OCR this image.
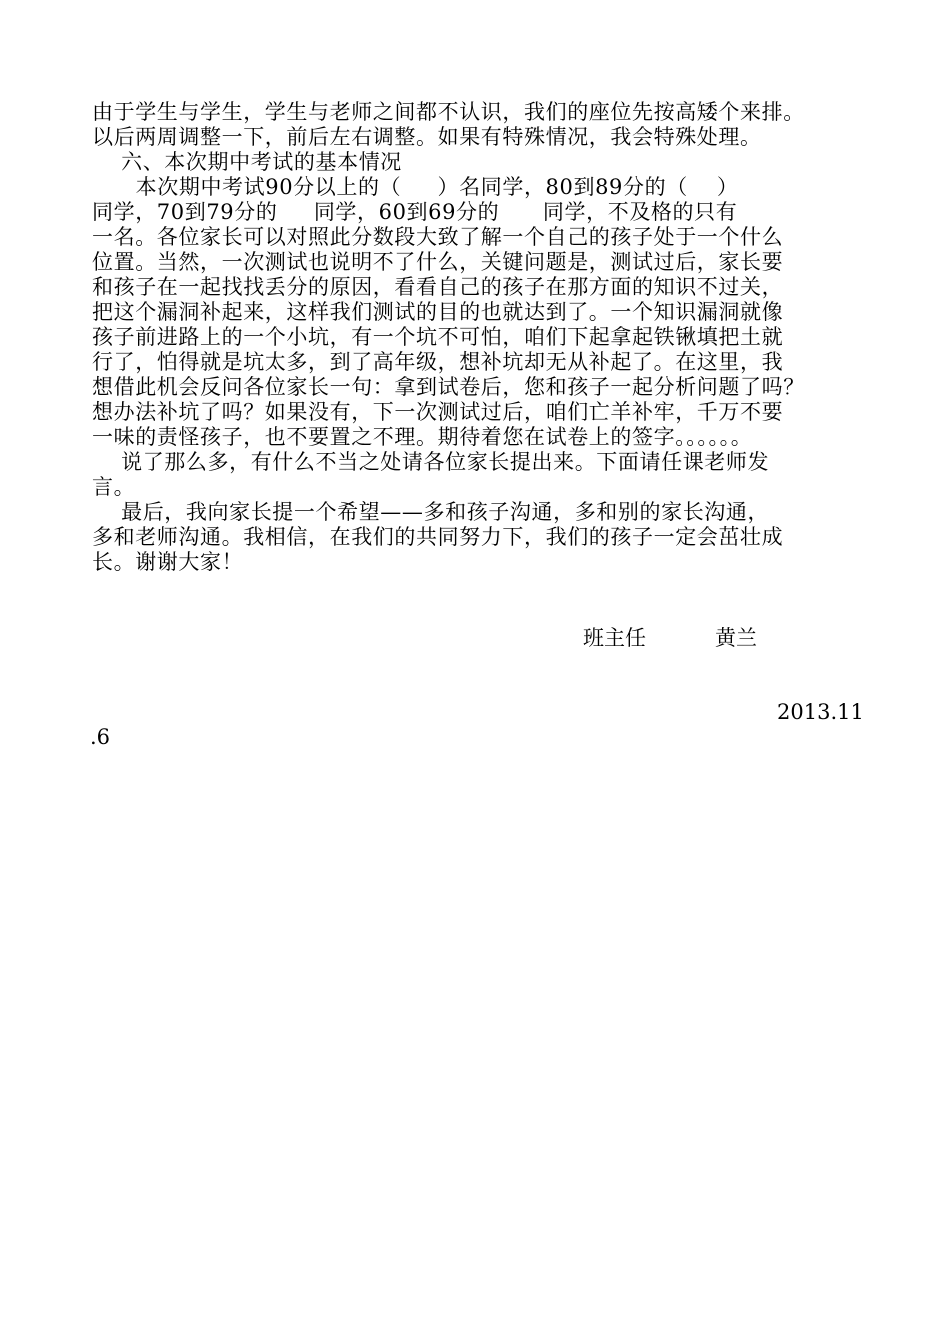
由于学生与学生，学生与老师之间都不认识，我们的座位先按高矮个来排。
以后两周调整一下，前后左右调整。如果有特殊情况，我会特殊处理。
六、本次期中考试的基本情况
本次期中考试90分以上的（     ）名同学，80到89分的（    ）
同学，70到79分的     同学，60到69分的      同学，不及格的只有
一名。各位家长可以对照此分数段大致了解一个自己的孩子处于一个什么
位置。当然，一次测试也说明不了什么，关键问题是，测试过后，家长要
和孩子在一起找找丢分的原因，看看自己的孩子在那方面的知识不过关，
把这个漏洞补起来，这样我们测试的目的也就达到了。一个知识漏洞就像
孩子前进路上的一个小坑，有一个坑不可怕，咱们下起拿起铁锹填把土就
行了，怕得就是坑太多，到了高年级，想补坑却无从补起了。在这里，我
想借此机会反问各位家长一句：拿到试卷后，您和孩子一起分析问题了吗？
想办法补坑了吗？如果没有，下一次测试过后，咱们亡羊补牢，千万不要
一味的责怪孩子，也不要置之不理。期待着您在试卷上的签字。。。。。。
说了那么多，有什么不当之处请各位家长提出来。下面请任课老师发
言。
最后，我向家长提一个希望——多和孩子沟通，多和别的家长沟通，
多和老师沟通。我相信，在我们的共同努力下，我们的孩子一定会茁壮成
长。谢谢大家！
班主任	黄兰
2013.11
.6
